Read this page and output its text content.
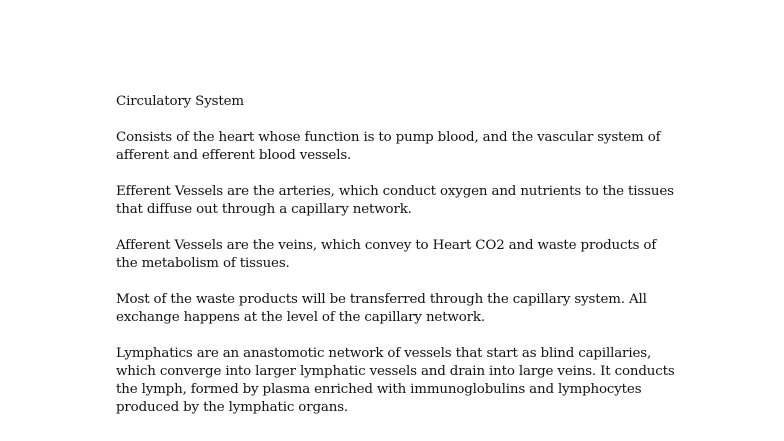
Circulatory System

Consists of the heart whose function is to pump blood, and the vascular system of afferent and efferent blood vessels.

Efferent Vessels are the arteries, which conduct oxygen and nutrients to the tissues that diffuse out through a capillary network.

Afferent Vessels are the veins, which convey to Heart CO2 and waste products of the metabolism of tissues.

Most of the waste products will be transferred through the capillary system. All exchange happens at the level of the capillary network.

Lymphatics are an anastomotic network of vessels that start as blind capillaries, which converge into larger lymphatic vessels and drain into large veins. It conducts the lymph, formed by plasma enriched with immunoglobulins and lymphocytes produced by the lymphatic organs.
